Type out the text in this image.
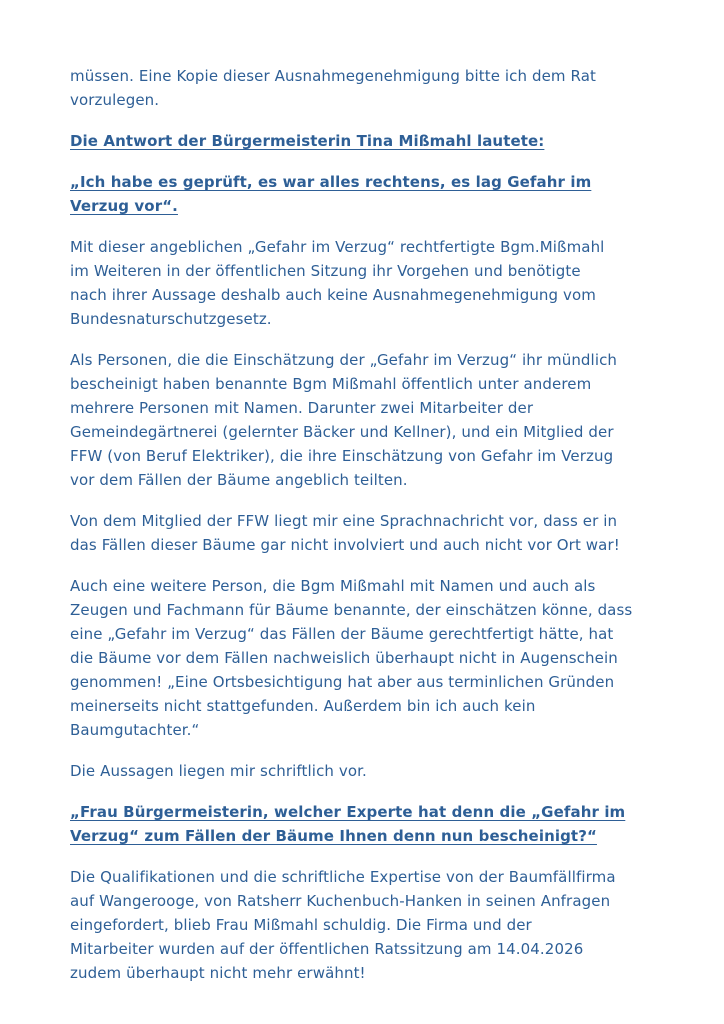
müssen. Eine Kopie dieser Ausnahmegenehmigung bitte ich dem Rat
vorzulegen.

Die Antwort der Bürgermeisterin Tina Mißmahl lautete:

„Ich habe es geprüft, es war alles rechtens, es lag Gefahr im
Verzug vor“.

Mit dieser angeblichen „Gefahr im Verzug“ rechtfertigte Bgm.Mißmahl
im Weiteren in der öffentlichen Sitzung ihr Vorgehen und benötigte
nach ihrer Aussage deshalb auch keine Ausnahmegenehmigung vom
Bundesnaturschutzgesetz.

Als Personen, die die Einschätzung der „Gefahr im Verzug“ ihr mündlich
bescheinigt haben benannte Bgm Mißmahl öffentlich unter anderem
mehrere Personen mit Namen. Darunter zwei Mitarbeiter der
Gemeindegärtnerei (gelernter Bäcker und Kellner), und ein Mitglied der
FFW (von Beruf Elektriker), die ihre Einschätzung von Gefahr im Verzug
vor dem Fällen der Bäume angeblich teilten.

Von dem Mitglied der FFW liegt mir eine Sprachnachricht vor, dass er in
das Fällen dieser Bäume gar nicht involviert und auch nicht vor Ort war!

Auch eine weitere Person, die Bgm Mißmahl mit Namen und auch als
Zeugen und Fachmann für Bäume benannte, der einschätzen könne, dass
eine „Gefahr im Verzug“ das Fällen der Bäume gerechtfertigt hätte, hat
die Bäume vor dem Fällen nachweislich überhaupt nicht in Augenschein
genommen! „Eine Ortsbesichtigung hat aber aus terminlichen Gründen
meinerseits nicht stattgefunden. Außerdem bin ich auch kein
Baumgutachter.“

Die Aussagen liegen mir schriftlich vor.

„Frau Bürgermeisterin, welcher Experte hat denn die „Gefahr im
Verzug“ zum Fällen der Bäume Ihnen denn nun bescheinigt?“

Die Qualifikationen und die schriftliche Expertise von der Baumfällfirma
auf Wangerooge, von Ratsherr Kuchenbuch-Hanken in seinen Anfragen
eingefordert, blieb Frau Mißmahl schuldig. Die Firma und der
Mitarbeiter wurden auf der öffentlichen Ratssitzung am 14.04.2026
zudem überhaupt nicht mehr erwähnt!
